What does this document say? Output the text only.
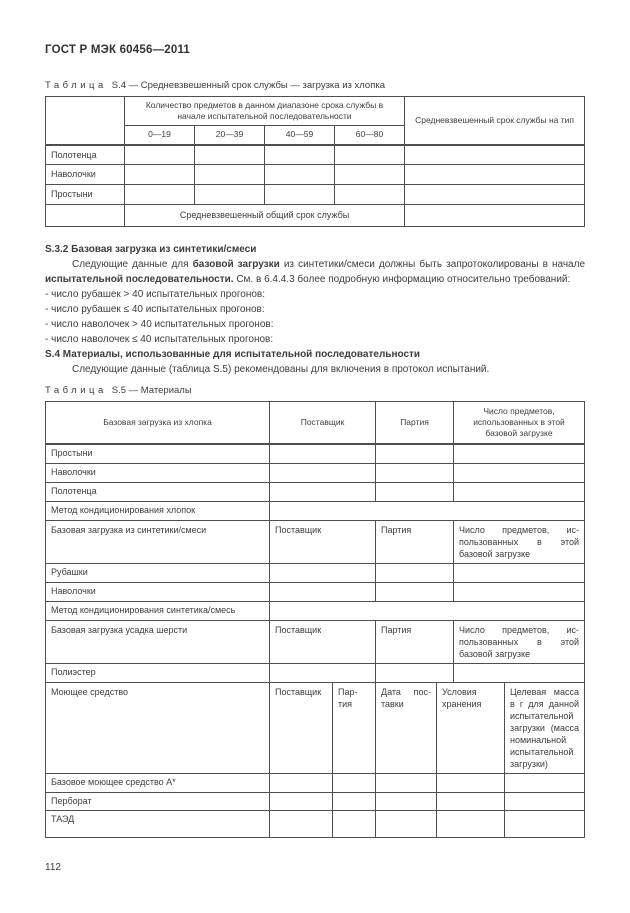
ГОСТ Р МЭК 60456—2011
Таблица S.4 — Средневзвешенный срок службы — загрузка из хлопка
	Количество предметов в данном диапазоне срока службы в начале испытательной последовательности				Средневзвешенный срок службы на тип
	0—19	20—39	40—59	60—80	
Полотенца					
Наволочки					
Простыни					
	Средневзвешенный общий срок службы				
S.3.2 Базовая загрузка из синтетики/смеси
Следующие данные для базовой загрузки из синтетики/смеси должны быть запротоколированы в начале испытательной последовательности. См. в 6.4.4.3 более подробную информацию относительно требований:
- число рубашек > 40 испытательных прогонов:
- число рубашек ≤ 40 испытательных прогонов:
- число наволочек > 40 испытательных прогонов:
- число наволочек ≤ 40 испытательных прогонов:
S.4 Материалы, использованные для испытательной последовательности
Следующие данные (таблица S.5) рекомендованы для включения в протокол испытаний.
Таблица S.5 — Материалы
Базовая загрузка из хлопка	Поставщик		Партия		Число предметов, использованных в этой базовой загрузке	
Простыни						
Наволочки						
Полотенца						
Метод кондиционирования хлопок						
Базовая загрузка из синтетики/смеси	Поставщик		Партия		Число предметов, ис-пользованных в этой базовой загрузке	
Рубашки						
Наволочки						
Метод кондиционирования синтетика/смесь						
Базовая загрузка усадка шерсти	Поставщик		Партия		Число предметов, ис-пользованных в этой базовой загрузке	
Полиэстер						
Моющее средство	Поставщик	Пар-тия	Дата пос-тавки	Условия хранения		Целевая масса в г для данной испытательной загрузки (масса номинальной испытательной загрузки)
Базовое моющее средство А*						
Перборат						
ТАЭД						
112
